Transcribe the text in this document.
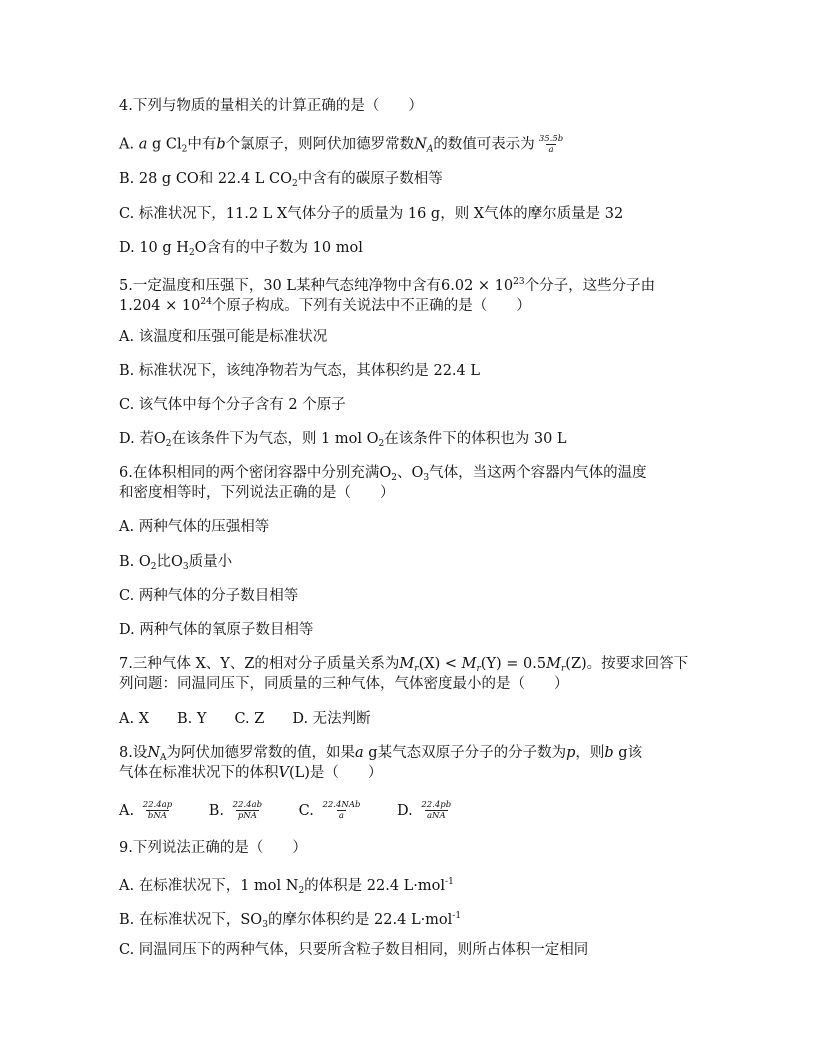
4.下列与物质的量相关的计算正确的是（　　）
A. a g $Cl_2$中有b个氯原子，则阿伏加德罗常数$N_A$的数值可表示为 $\frac{35.5b}{a}$
B. 28 g CO和 22.4 L $CO_2$中含有的碳原子数相等
C. 标准状况下，11.2 L X气体分子的质量为 16 g，则 X气体的摩尔质量是 32
D. 10 g $H_2O$含有的中子数为 10 mol
5.一定温度和压强下，30 L某种气态纯净物中含有$6.02 \times 10^{23}$个分子，这些分子由
$1.204 \times 10^{24}$个原子构成。下列有关说法中不正确的是（　　）
A. 该温度和压强可能是标准状况
B. 标准状况下，该纯净物若为气态，其体积约是 22.4 L
C. 该气体中每个分子含有 2 个原子
D. 若$O_2$在该条件下为气态，则 1 mol $O_2$在该条件下的体积也为 30 L
6.在体积相同的两个密闭容器中分别充满$O_2$、$O_3$气体，当这两个容器内气体的温度
和密度相等时，下列说法正确的是（　　）
A. 两种气体的压强相等
B. $O_2$比$O_3$质量小
C. 两种气体的分子数目相等
D. 两种气体的氧原子数目相等
7.三种气体 X、Y、Z的相对分子质量关系为$M_r(X) < M_r(Y) = 0.5M_r(Z)$。按要求回答下
列问题：同温同压下，同质量的三种气体，气体密度最小的是（　　）
A. X B. Y C. Z D. 无法判断
8.设$N_A$为阿伏加德罗常数的值，如果a g某气态双原子分子的分子数为p，则b g该
气体在标准状况下的体积V(L)是（　　）
A. $\frac{22.4ap}{\text{bNA}} B$. $\frac{22.4ab}{\text{pNA}} C$. $\frac{\text{22.4NAb}}{a} D$. $\frac{22.4pb}{\text{aNA}}$
9.下列说法正确的是（　　）
A. 在标准状况下，1 mol $N_2$的体积是 22.4 L·mol$^{-1}$
B. 在标准状况下，$SO_3$的摩尔体积约是 22.4 L·mol$^{-1}$
C. 同温同压下的两种气体，只要所含粒子数目相同，则所占体积一定相同
